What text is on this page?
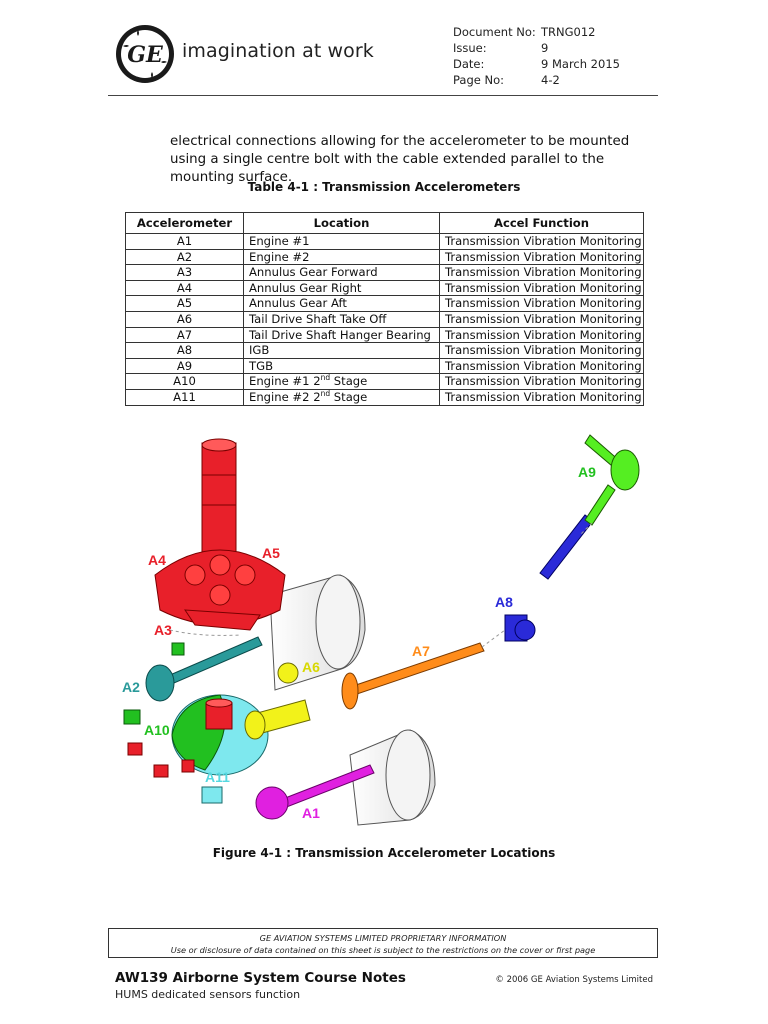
GE imagination at work
Document No: TRNG012
Issue:	9
Date:	9 March 2015
Page No:	4-2
electrical connections allowing for the accelerometer to be mounted using a single centre bolt with the cable extended parallel to the mounting surface.
Table 4-1 : Transmission Accelerometers
Accelerometer	Location	Accel Function
A1	Engine #1	Transmission Vibration Monitoring
A2	Engine #2	Transmission Vibration Monitoring
A3	Annulus Gear Forward	Transmission Vibration Monitoring
A4	Annulus Gear Right	Transmission Vibration Monitoring
A5	Annulus Gear Aft	Transmission Vibration Monitoring
A6	Tail Drive Shaft Take Off	Transmission Vibration Monitoring
A7	Tail Drive Shaft Hanger Bearing	Transmission Vibration Monitoring
A8	IGB	Transmission Vibration Monitoring
A9	TGB	Transmission Vibration Monitoring
A10	Engine #1 2nd Stage	Transmission Vibration Monitoring
A11	Engine #2 2nd Stage	Transmission Vibration Monitoring
A4	A5
A3
A2
A10
A11
A6
A7
A8
A9
A1
Figure 4-1 : Transmission Accelerometer Locations
GE AVIATION SYSTEMS LIMITED PROPRIETARY INFORMATION
Use or disclosure of data contained on this sheet is subject to the restrictions on the cover or first page
AW139 Airborne System Course Notes
HUMS dedicated sensors function
© 2006 GE Aviation Systems Limited
